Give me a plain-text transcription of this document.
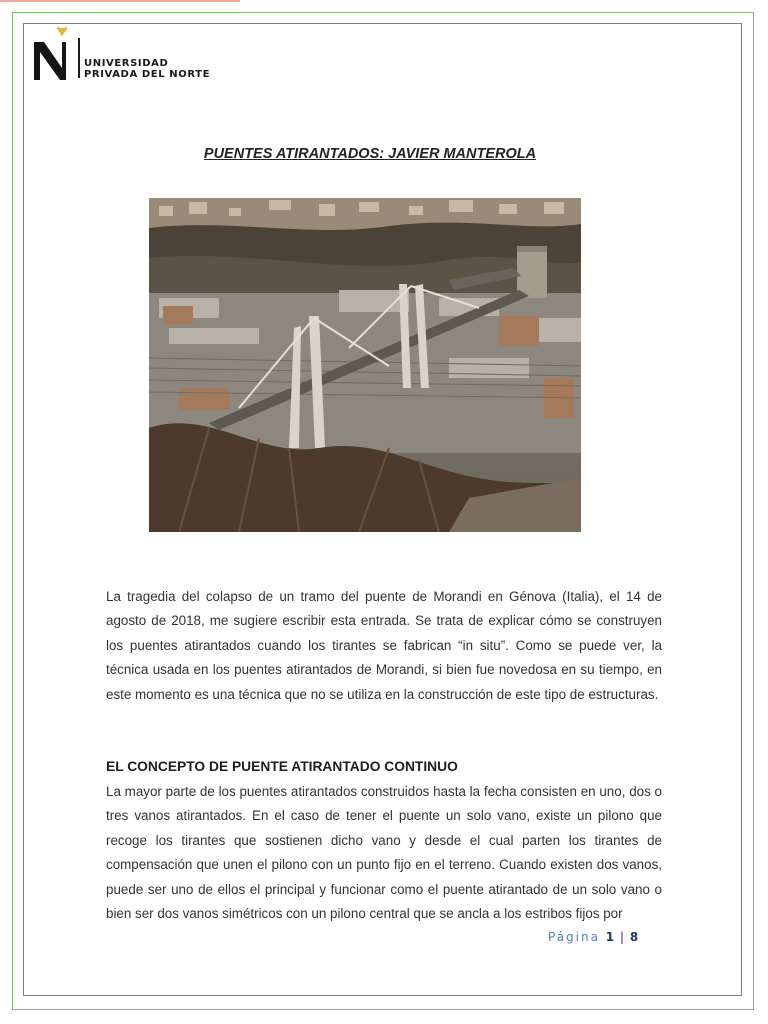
UNIVERSIDAD
PRIVADA DEL NORTE
PUENTES ATIRANTADOS: JAVIER MANTEROLA
La tragedia del colapso de un tramo del puente de Morandi en Génova (Italia), el 14 de agosto de 2018, me sugiere escribir esta entrada. Se trata de explicar cómo se construyen los puentes atirantados cuando los tirantes se fabrican “in situ”. Como se puede ver, la técnica usada en los puentes atirantados de Morandi, si bien fue novedosa en su tiempo, en este momento es una técnica que no se utiliza en la construcción de este tipo de estructuras.
EL CONCEPTO DE PUENTE ATIRANTADO CONTINUO
La mayor parte de los puentes atirantados construidos hasta la fecha consisten en uno, dos o tres vanos atirantados. En el caso de tener el puente un solo vano, existe un pilono que recoge los tirantes que sostienen dicho vano y desde el cual parten los tirantes de compensación que unen el pilono con un punto fijo en el terreno. Cuando existen dos vanos, puede ser uno de ellos el principal y funcionar como el puente atirantado de un solo vano o bien ser dos vanos simétricos con un pilono central que se ancla a los estribos fijos por
Página 1 | 8
